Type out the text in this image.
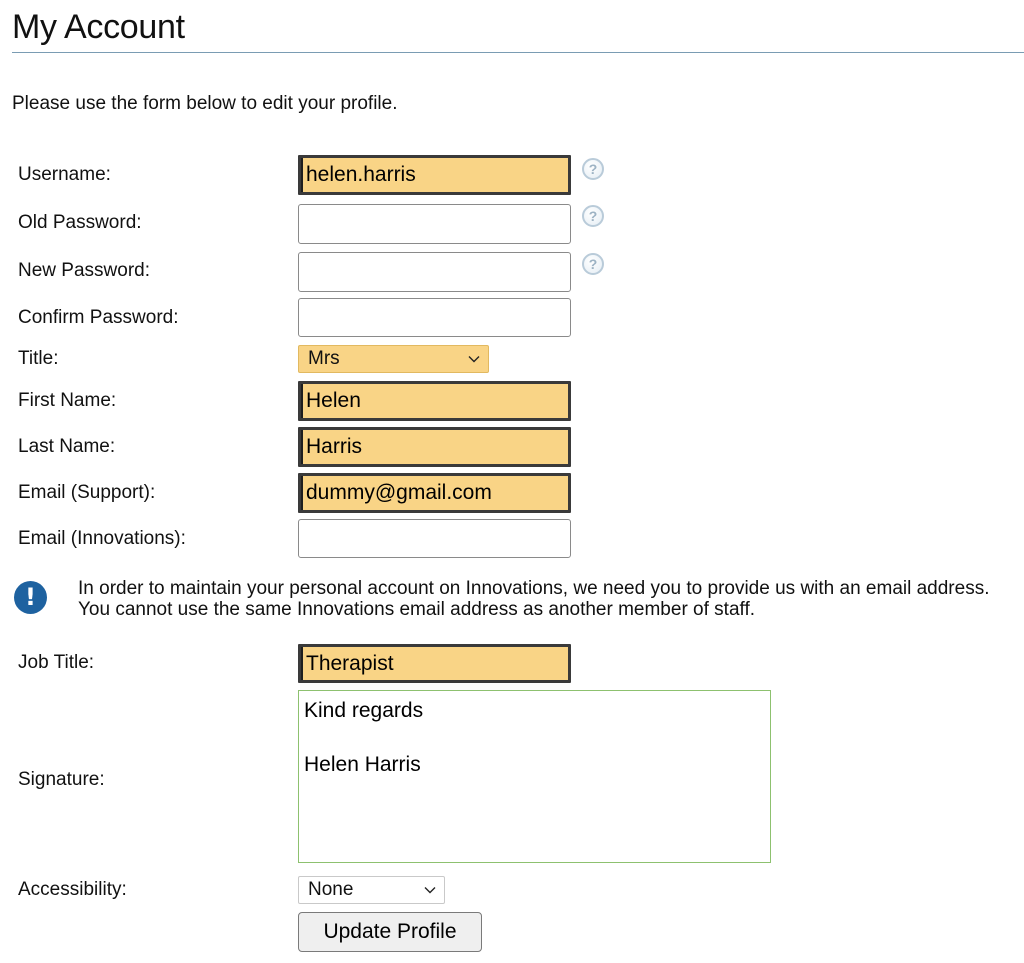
My Account
Please use the form below to edit your profile.
Username:	helen.harris	?
Old Password:	?
New Password:	?
Confirm Password:
Title:	Mrs
First Name:	Helen
Last Name:	Harris
Email (Support):	dummy@gmail.com
Email (Innovations):
!	In order to maintain your personal account on Innovations, we need you to provide us with an email address. You cannot use the same Innovations email address as another member of staff.
Job Title:	Therapist
Signature:
Kind regards

Helen Harris
Accessibility:	None
Update Profile
